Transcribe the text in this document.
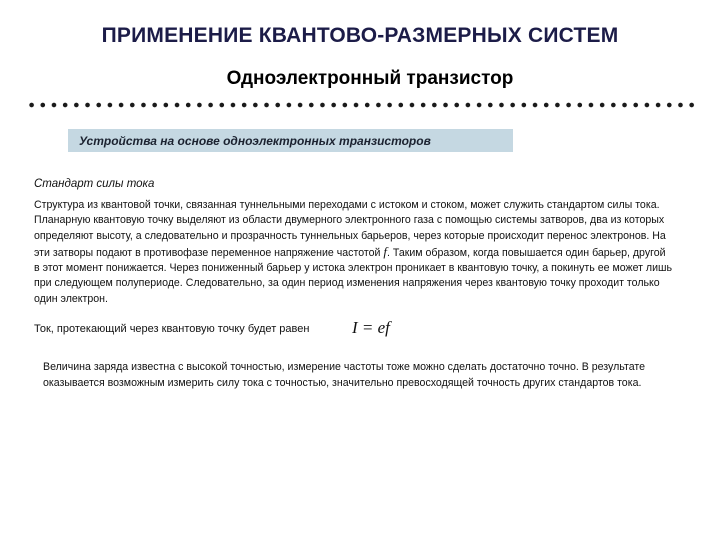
ПРИМЕНЕНИЕ КВАНТОВО-РАЗМЕРНЫХ СИСТЕМ
Одноэлектронный транзистор
Устройства на основе одноэлектронных транзисторов
Стандарт силы тока
Структура из квантовой точки, связанная туннельными переходами с истоком и стоком, может служить стандартом силы тока. Планарную квантовую точку выделяют из области двумерного электронного газа с помощью системы затворов, два из которых определяют высоту, а следовательно и прозрачность туннельных барьеров, через которые происходит перенос электронов. На эти затворы подают в противофазе переменное напряжение частотой f. Таким образом, когда повышается один барьер, другой в этот момент понижается. Через пониженный барьер у истока электрон проникает в квантовую точку, а покинуть ее может лишь при следующем полупериоде. Следовательно, за один период изменения напряжения через квантовую точку проходит только один электрон.
Ток, протекающий через квантовую точку будет равен	I = ef
Величина заряда известна с высокой точностью, измерение частоты тоже можно сделать достаточно точно. В результате оказывается возможным измерить силу тока с точностью, значительно превосходящей точность других стандартов тока.
